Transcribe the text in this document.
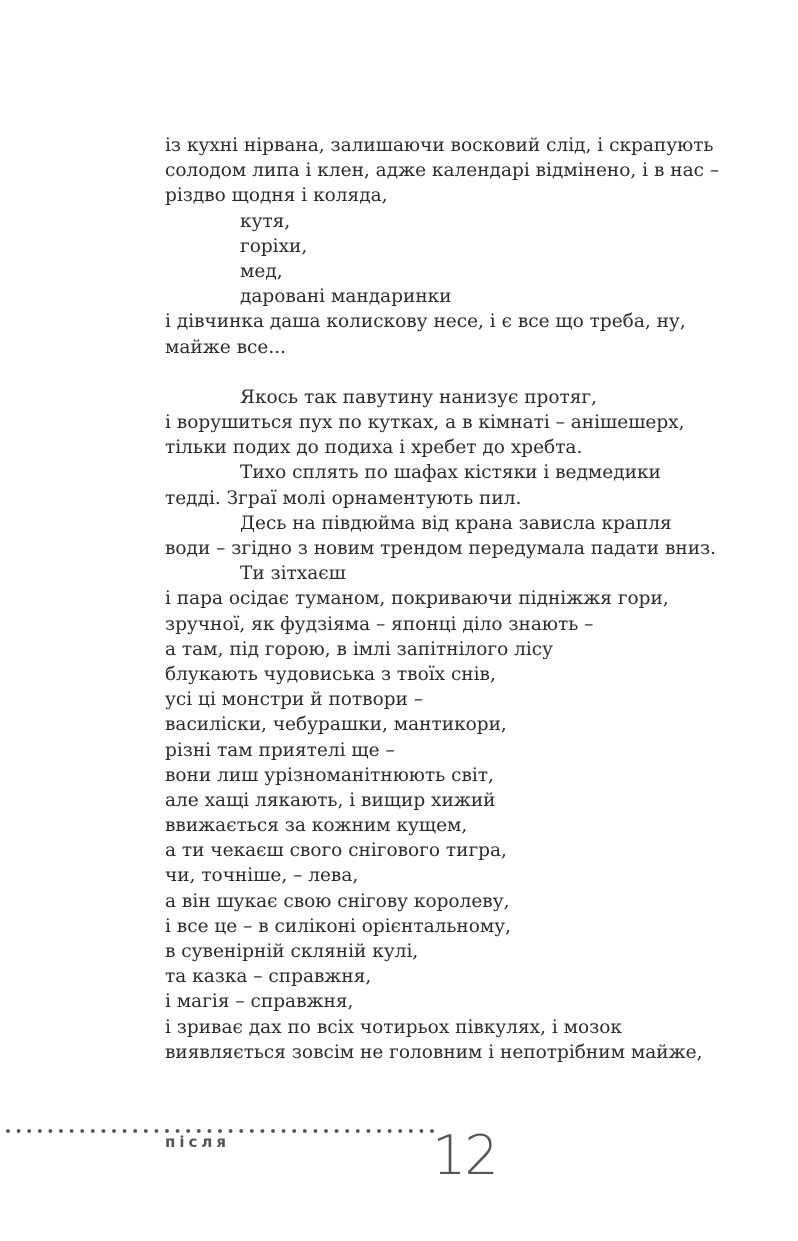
із кухні нірвана, залишаючи восковий слід, і скрапують
солодом липа і клен, адже календарі відмінено, і в нас –
різдво щодня і коляда,
кутя,
горіхи,
мед,
даровані мандаринки
і дівчинка даша колискову несе, і є все що треба, ну,
майже все...
Якось так павутину нанизує протяг,
і ворушиться пух по кутках, а в кімнаті – анішешерх,
тільки подих до подиха і хребет до хребта.
Тихо сплять по шафах кістяки і ведмедики
тедді. Зграї молі орнаментують пил.
Десь на півдюйма від крана зависла крапля
води – згідно з новим трендом передумала падати вниз.
Ти зітхаєш
і пара осідає туманом, покриваючи підніжжя гори,
зручної, як фудзіяма – японці діло знають –
а там, під горою, в імлі запітнілого лісу
блукають чудовиська з твоїх снів,
усі ці монстри й потвори –
василіски, чебурашки, мантикори,
різні там приятелі ще –
вони лиш урізноманітнюють світ,
але хащі лякають, і вищир хижий
ввижається за кожним кущем,
а ти чекаєш свого снігового тигра,
чи, точніше, – лева,
а він шукає свою снігову королеву,
і все це – в силіконі орієнтальному,
в сувенірній скляній кулі,
та казка – справжня,
і магія – справжня,
і зриває дах по всіх чотирьох півкулях, і мозок
виявляється зовсім не головним і непотрібним майже,
після	12
